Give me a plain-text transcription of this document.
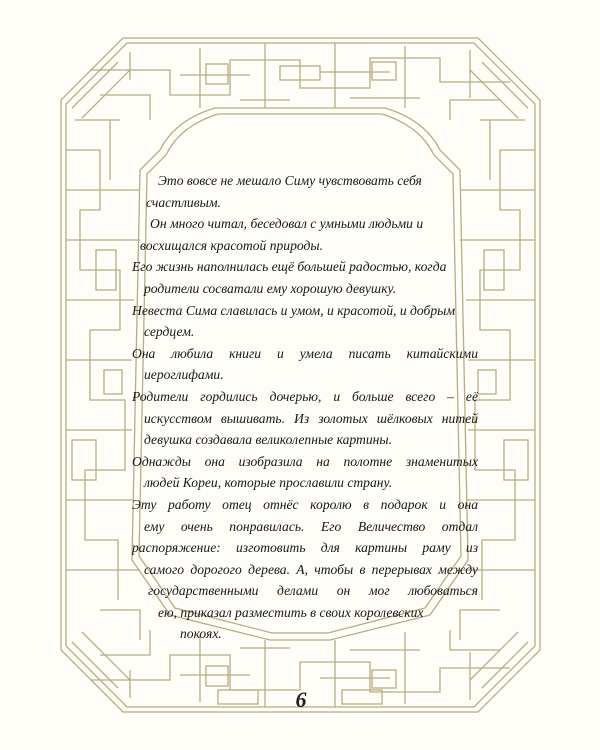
Это вовсе не мешало Симу чувствовать себя
счастливым.
Он много читал, беседовал с умными людьми и
восхищался красотой природы.
Его жизнь наполнилась ещё большей радостью, когда
родители сосватали ему хорошую девушку.
Невеста Сима славилась и умом, и красотой, и добрым
сердцем.
Она любила книги и умела писать китайскими
иероглифами.
Родители гордились дочерью, и больше всего – её
искусством вышивать. Из золотых шёлковых нитей
девушка создавала великолепные картины.
Однажды она изобразила на полотне знаменитых
людей Кореи, которые прославили страну.
Эту работу отец отнёс королю в подарок и она
ему очень понравилась. Его Величество отдал
распоряжение: изготовить для картины раму из
самого дорогого дерева. А, чтобы в перерывах между
государственными делами он мог любоваться
ею, приказал разместить в своих королевских
покоях.
6
